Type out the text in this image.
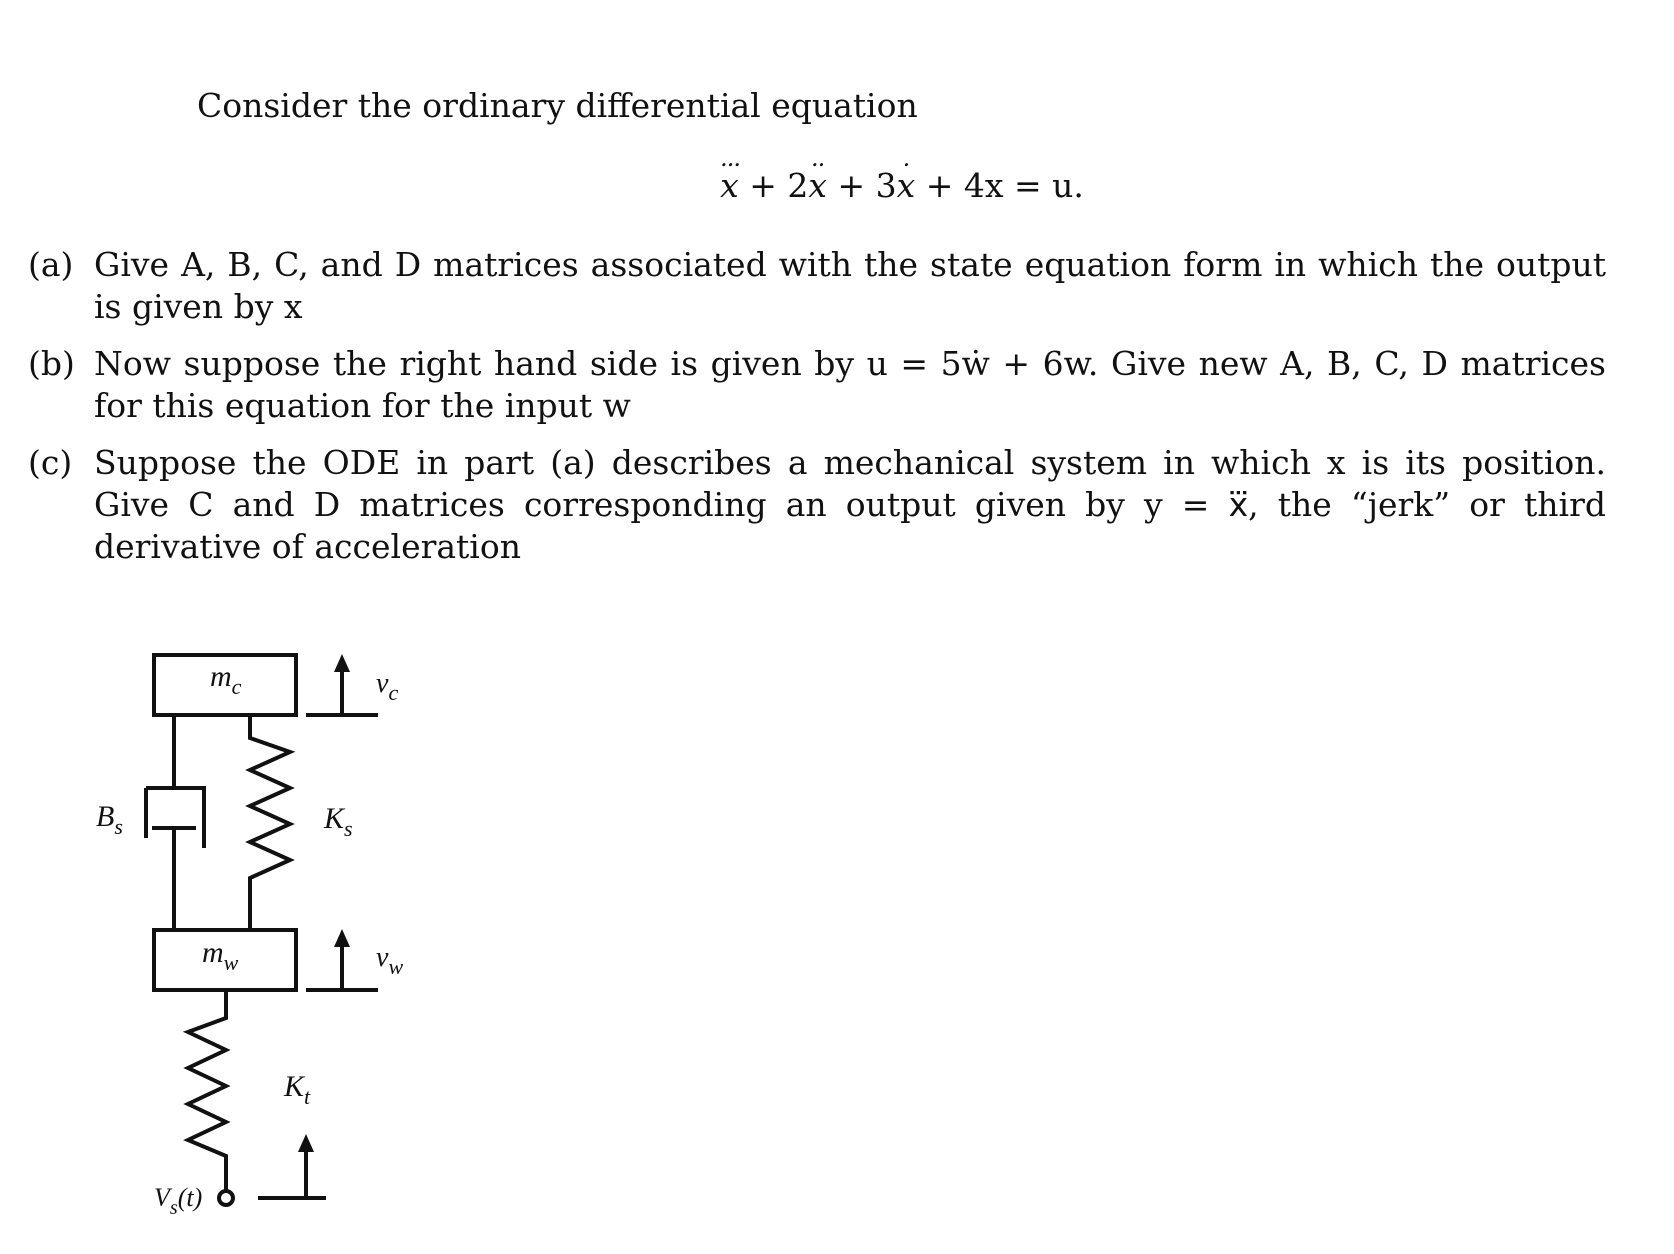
Consider the ordinary differential equation
... x + 2.. x + 3. x + 4x = u.
(a) Give A, B, C, and D matrices associated with the state equation form in which the output is given by x
(b) Now suppose the right hand side is given by u = 5ẇ + 6w. Give new A, B, C, D matrices for this equation for the input w
(c) Suppose the ODE in part (a) describes a mechanical system in which x is its position. Give C and D matrices corresponding an output given by y = x⃛, the “jerk” or third derivative of acceleration
$m_c$
$m_w$
$B_s$	$K_s$
$K_t$
$v_c$
$v_w$
$V_s(t)$
